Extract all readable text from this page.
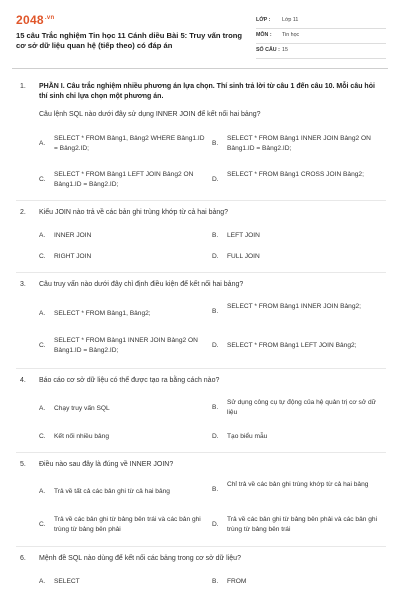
$2048^{.vn}$
15 câu Trắc nghiệm Tin học 11 Cánh diều Bài 5: Truy vấn trong cơ sở dữ liệu quan hệ (tiếp theo) có đáp án
LỚP :	Lớp 11
MÔN :	Tin học
SỐ CÂU : 15
1. PHẦN I. Câu trắc nghiệm nhiều phương án lựa chọn. Thí sinh trả lời từ câu 1 đến câu 10. Mỗi câu hỏi thí sinh chỉ lựa chọn một phương án.
Câu lệnh SQL nào dưới đây sử dụng INNER JOIN để kết nối hai bảng?
A.
SELECT * FROM Bảng1, Bảng2 WHERE Bảng1.ID = Bảng2.ID;
B.
SELECT * FROM Bảng1 INNER JOIN Bảng2 ON Bảng1.ID = Bảng2.ID;
C.
SELECT * FROM Bảng1 LEFT JOIN Bảng2 ON Bảng1.ID = Bảng2.ID;
D.
SELECT * FROM Bảng1 CROSS JOIN Bảng2;
2. Kiểu JOIN nào trả về các bản ghi trùng khớp từ cả hai bảng?
A. INNER JOIN	B. LEFT JOIN
C. RIGHT JOIN	D. FULL JOIN
3. Câu truy vấn nào dưới đây chỉ định điều kiện để kết nối hai bảng?
A. SELECT * FROM Bảng1, Bảng2;	B.
SELECT * FROM Bảng1 INNER JOIN Bảng2;
C.
SELECT * FROM Bảng1 INNER JOIN Bảng2 ON Bảng1.ID = Bảng2.ID;
D. SELECT * FROM Bảng1 LEFT JOIN Bảng2;
4. Báo cáo cơ sở dữ liệu có thể được tạo ra bằng cách nào?
A. Chạy truy vấn SQL	B.
Sử dụng công cụ tự động của hệ quản trị cơ sở dữ liệu
C. Kết nối nhiều bảng	D. Tạo biểu mẫu
5. Điều nào sau đây là đúng về INNER JOIN?
A. Trả về tất cả các bản ghi từ cả hai bảng	B.
Chỉ trả về các bản ghi trùng khớp từ cả hai bảng
C.
Trả về các bản ghi từ bảng bên trái và các bản ghi trùng từ bảng bên phải
D.
Trả về các bản ghi từ bảng bên phải và các bản ghi trùng từ bảng bên trái
6. Mệnh đề SQL nào dùng để kết nối các bảng trong cơ sở dữ liệu?
A. SELECT	B. FROM
